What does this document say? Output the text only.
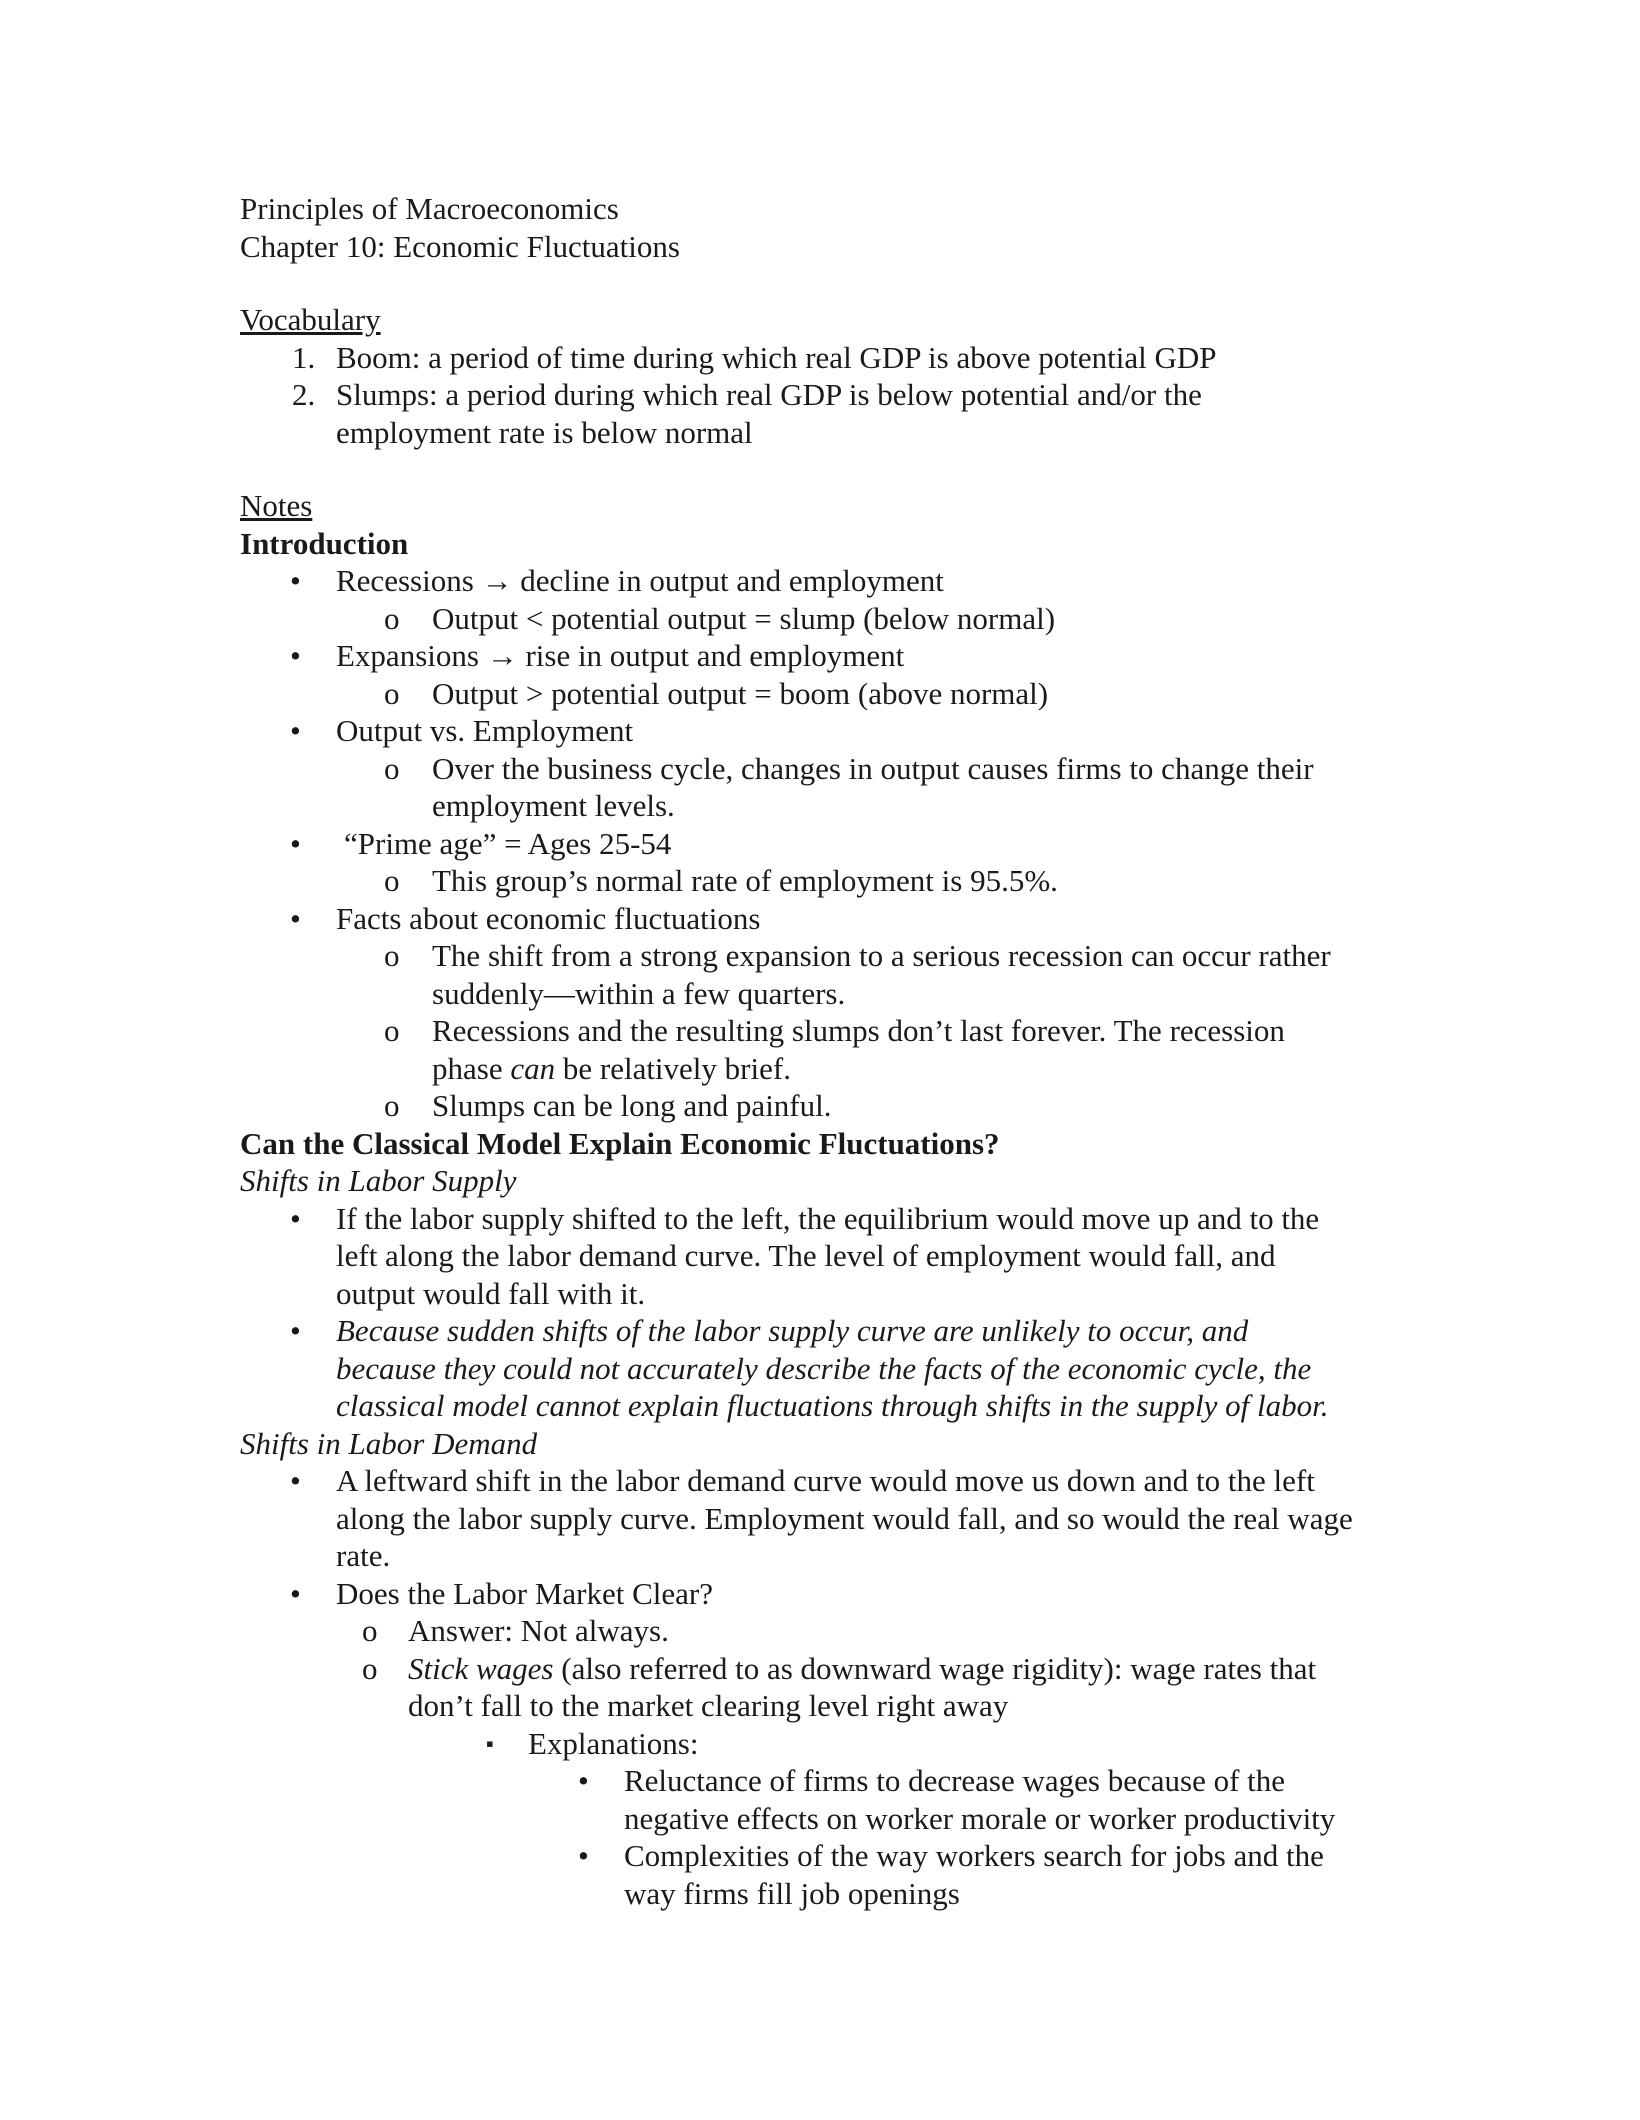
Principles of Macroeconomics
Chapter 10: Economic Fluctuations
Vocabulary
1. Boom: a period of time during which real GDP is above potential GDP
2. Slumps: a period during which real GDP is below potential and/or the
employment rate is below normal
Notes
Introduction
• Recessions → decline in output and employment
o Output < potential output = slump (below normal)
• Expansions → rise in output and employment
o Output > potential output = boom (above normal)
• Output vs. Employment
o Over the business cycle, changes in output causes firms to change their
employment levels.
• “Prime age” = Ages 25-54
o This group’s normal rate of employment is 95.5%.
• Facts about economic fluctuations
o The shift from a strong expansion to a serious recession can occur rather
suddenly—within a few quarters.
o Recessions and the resulting slumps don’t last forever. The recession
phase can be relatively brief.
o Slumps can be long and painful.
Can the Classical Model Explain Economic Fluctuations?
Shifts in Labor Supply
• If the labor supply shifted to the left, the equilibrium would move up and to the
left along the labor demand curve. The level of employment would fall, and
output would fall with it.
• Because sudden shifts of the labor supply curve are unlikely to occur, and
because they could not accurately describe the facts of the economic cycle, the
classical model cannot explain fluctuations through shifts in the supply of labor.
Shifts in Labor Demand
• A leftward shift in the labor demand curve would move us down and to the left
along the labor supply curve. Employment would fall, and so would the real wage
rate.
• Does the Labor Market Clear?
o Answer: Not always.
o Stick wages (also referred to as downward wage rigidity): wage rates that
don’t fall to the market clearing level right away
▪ Explanations:
• Reluctance of firms to decrease wages because of the
negative effects on worker morale or worker productivity
• Complexities of the way workers search for jobs and the
way firms fill job openings
